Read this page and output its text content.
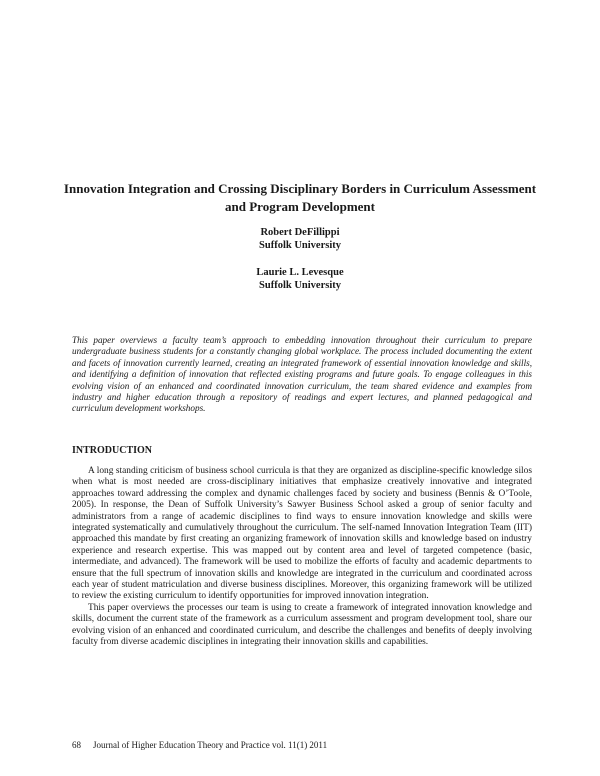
Innovation Integration and Crossing Disciplinary Borders in Curriculum Assessment and Program Development
Robert DeFillippi
Suffolk University
Laurie L. Levesque
Suffolk University

This paper overviews a faculty team’s approach to embedding innovation throughout their curriculum to prepare undergraduate business students for a constantly changing global workplace. The process included documenting the extent and facets of innovation currently learned, creating an integrated framework of essential innovation knowledge and skills, and identifying a definition of innovation that reflected existing programs and future goals. To engage colleagues in this evolving vision of an enhanced and coordinated innovation curriculum, the team shared evidence and examples from industry and higher education through a repository of readings and expert lectures, and planned pedagogical and curriculum development workshops.

INTRODUCTION

A long standing criticism of business school curricula is that they are organized as discipline-specific knowledge silos when what is most needed are cross-disciplinary initiatives that emphasize creatively innovative and integrated approaches toward addressing the complex and dynamic challenges faced by society and business (Bennis & O’Toole, 2005). In response, the Dean of Suffolk University’s Sawyer Business School asked a group of senior faculty and administrators from a range of academic disciplines to find ways to ensure innovation knowledge and skills were integrated systematically and cumulatively throughout the curriculum. The self-named Innovation Integration Team (IIT) approached this mandate by first creating an organizing framework of innovation skills and knowledge based on industry experience and research expertise. This was mapped out by content area and level of targeted competence (basic, intermediate, and advanced). The framework will be used to mobilize the efforts of faculty and academic departments to ensure that the full spectrum of innovation skills and knowledge are integrated in the curriculum and coordinated across each year of student matriculation and diverse business disciplines. Moreover, this organizing framework will be utilized to review the existing curriculum to identify opportunities for improved innovation integration.

This paper overviews the processes our team is using to create a framework of integrated innovation knowledge and skills, document the current state of the framework as a curriculum assessment and program development tool, share our evolving vision of an enhanced and coordinated curriculum, and describe the challenges and benefits of deeply involving faculty from diverse academic disciplines in integrating their innovation skills and capabilities.

68 Journal of Higher Education Theory and Practice vol. 11(1) 2011
